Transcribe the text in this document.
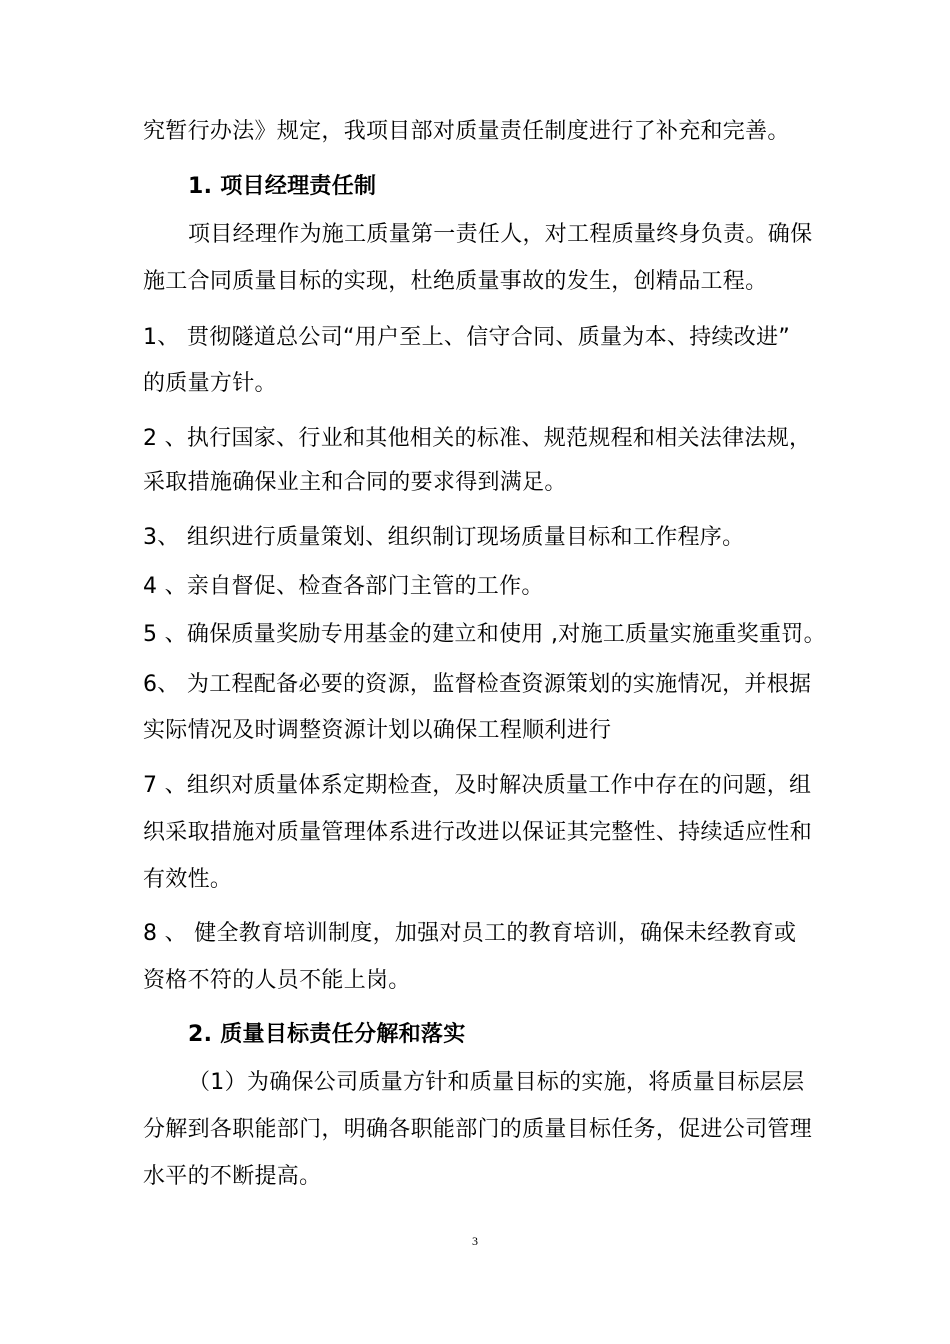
究暂行办法》规定，我项目部对质量责任制度进行了补充和完善。
1. 项目经理责任制
项目经理作为施工质量第一责任人，对工程质量终身负责。确保
施工合同质量目标的实现，杜绝质量事故的发生，创精品工程。
1、 贯彻隧道总公司“用户至上、信守合同、质量为本、持续改进”
的质量方针。
2 、执行国家、行业和其他相关的标准、规范规程和相关法律法规，
采取措施确保业主和合同的要求得到满足。
3、 组织进行质量策划、组织制订现场质量目标和工作程序。
4 、亲自督促、检查各部门主管的工作。
5 、确保质量奖励专用基金的建立和使用 ,对施工质量实施重奖重罚。
6、 为工程配备必要的资源，监督检查资源策划的实施情况，并根据
实际情况及时调整资源计划以确保工程顺利进行
7 、组织对质量体系定期检查，及时解决质量工作中存在的问题，组
织采取措施对质量管理体系进行改进以保证其完整性、持续适应性和
有效性。
8 、 健全教育培训制度，加强对员工的教育培训，确保未经教育或
资格不符的人员不能上岗。
2. 质量目标责任分解和落实
（1）为确保公司质量方针和质量目标的实施，将质量目标层层
分解到各职能部门，明确各职能部门的质量目标任务，促进公司管理
水平的不断提高。
3
